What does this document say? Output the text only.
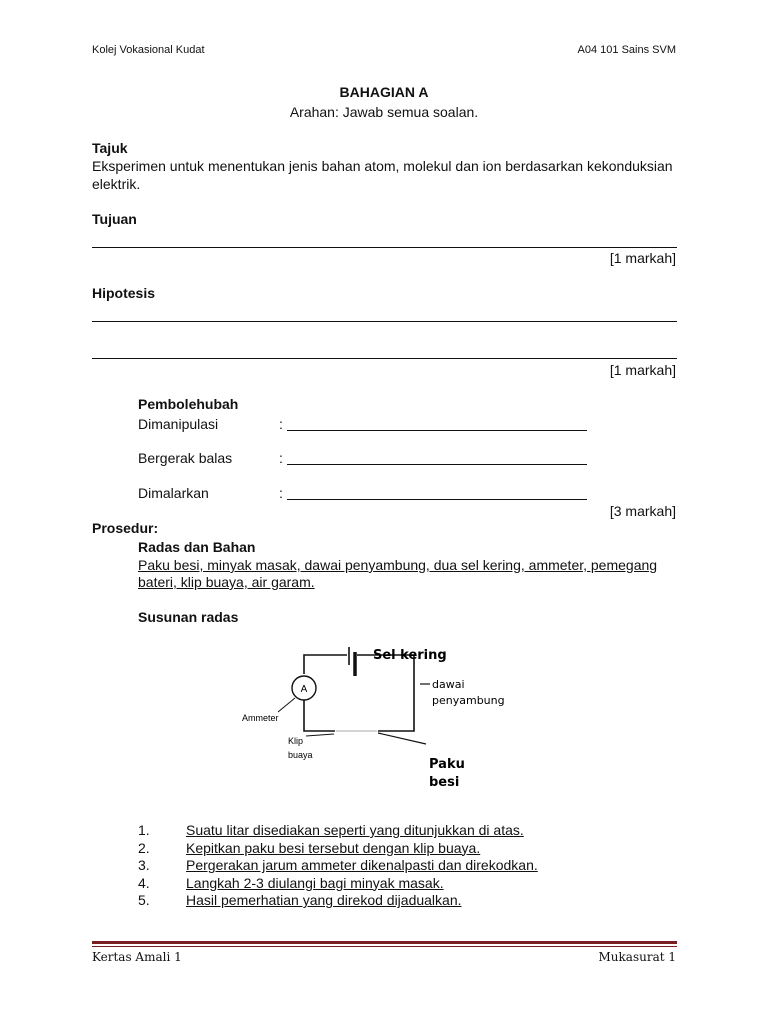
Kolej Vokasional Kudat	A04 101 Sains SVM
BAHAGIAN A
Arahan: Jawab semua soalan.
Tajuk
Eksperimen untuk menentukan jenis bahan atom, molekul dan ion berdasarkan kekonduksian
elektrik.
Tujuan
[1 markah]
Hipotesis
[1 markah]
Pembolehubah
Dimanipulasi	:
Bergerak balas	:
Dimalarkan	:
[3 markah]
Prosedur:
Radas dan Bahan
Paku besi, minyak masak, dawai penyambung, dua sel kering, ammeter, pemegang
bateri, klip buaya, air garam.
Susunan radas
A
Sel kering
dawai
penyambung
Ammeter
Klip
buaya
Paku
besi
1.	Suatu litar disediakan seperti yang ditunjukkan di atas.
2.	Kepitkan paku besi tersebut dengan klip buaya.
3.	Pergerakan jarum ammeter dikenalpasti dan direkodkan.
4.	Langkah 2-3 diulangi bagi minyak masak.
5.	Hasil pemerhatian yang direkod dijadualkan.
Kertas Amali 1	Mukasurat 1
